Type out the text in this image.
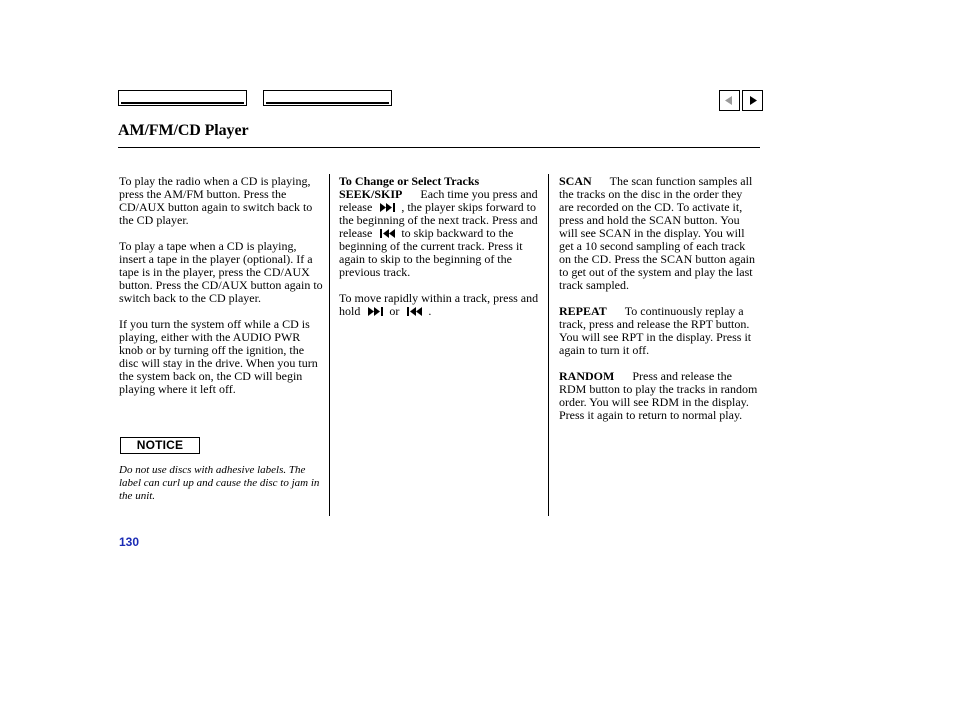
AM/FM/CD Player

To play the radio when a CD is playing, press the AM/FM button. Press the CD/AUX button again to switch back to the CD player.

To play a tape when a CD is playing, insert a tape in the player (optional). If a tape is in the player, press the CD/AUX button. Press the CD/AUX button again to switch back to the CD player.

If you turn the system off while a CD is playing, either with the AUDIO PWR knob or by turning off the ignition, the disc will stay in the drive. When you turn the system back on, the CD will begin playing where it left off.

NOTICE
Do not use discs with adhesive labels. The label can curl up and cause the disc to jam in the unit.

To Change or Select Tracks
SEEK/SKIP Each time you press and release , the player skips forward to the beginning of the next track. Press and release to skip backward to the beginning of the current track. Press it again to skip to the beginning of the previous track.

To move rapidly within a track, press and hold or .

SCAN The scan function samples all the tracks on the disc in the order they are recorded on the CD. To activate it, press and hold the SCAN button. You will see SCAN in the display. You will get a 10 second sampling of each track on the CD. Press the SCAN button again to get out of the system and play the last track sampled.

REPEAT To continuously replay a track, press and release the RPT button. You will see RPT in the display. Press it again to turn it off.

RANDOM Press and release the RDM button to play the tracks in random order. You will see RDM in the display. Press it again to return to normal play.

130
